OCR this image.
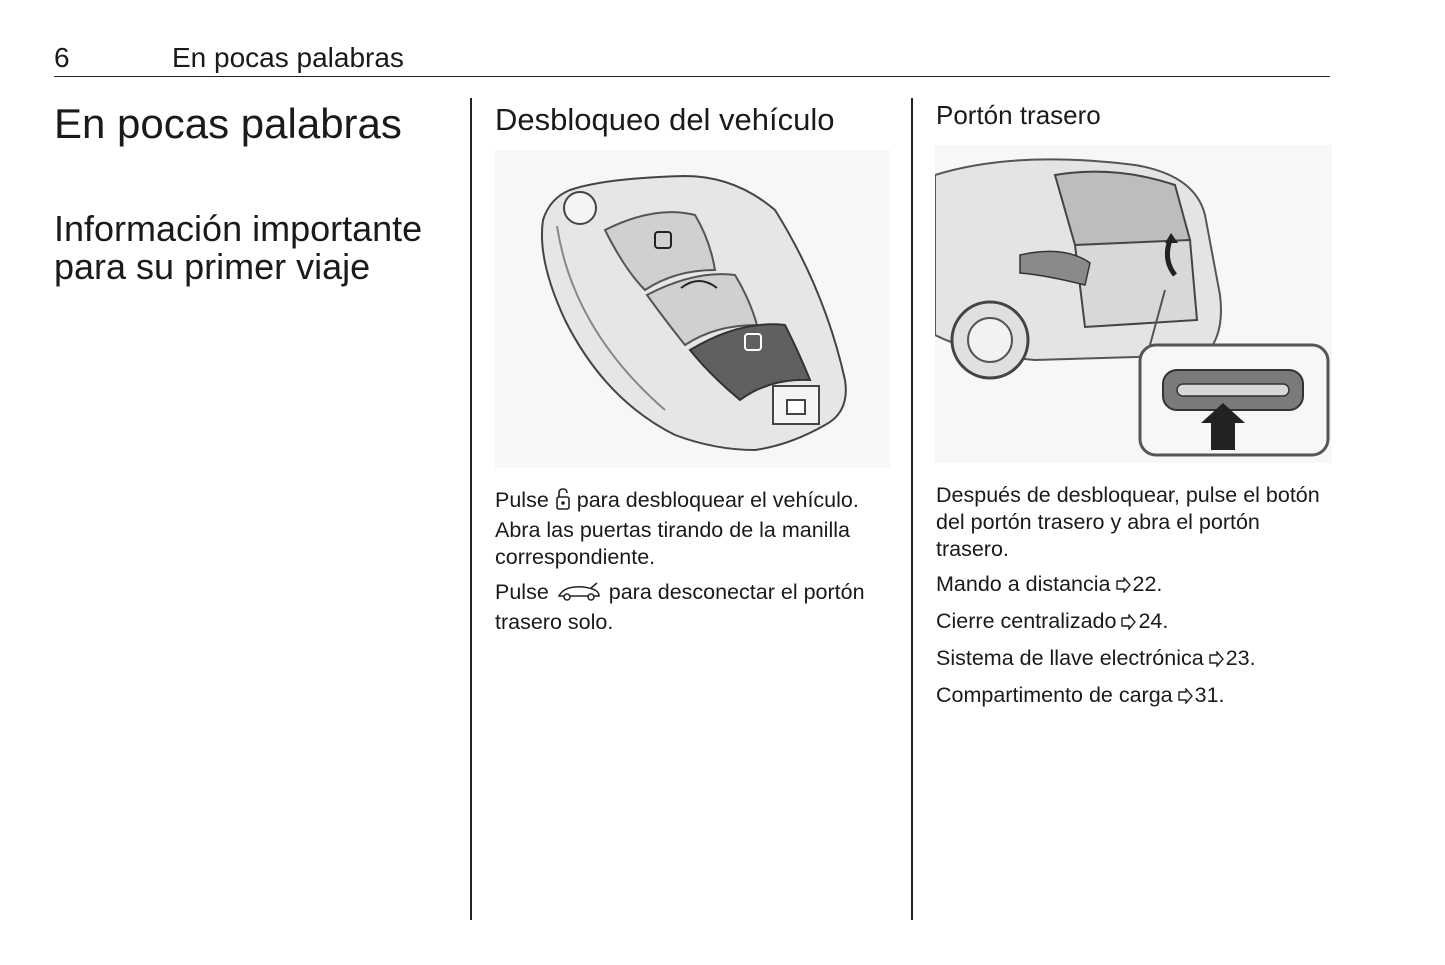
6	En pocas palabras
En pocas palabras
Información importante para su primer viaje
Desbloqueo del vehículo

Pulse para desbloquear el vehículo. Abra las puertas tirando de la manilla correspondiente.

Pulse	para desconectar el portón trasero solo.

Portón trasero

Después de desbloquear, pulse el botón del portón trasero y abra el portón trasero.

Mando a distancia 22.

Cierre centralizado 24.

Sistema de llave electrónica 23.

Compartimento de carga 31.
